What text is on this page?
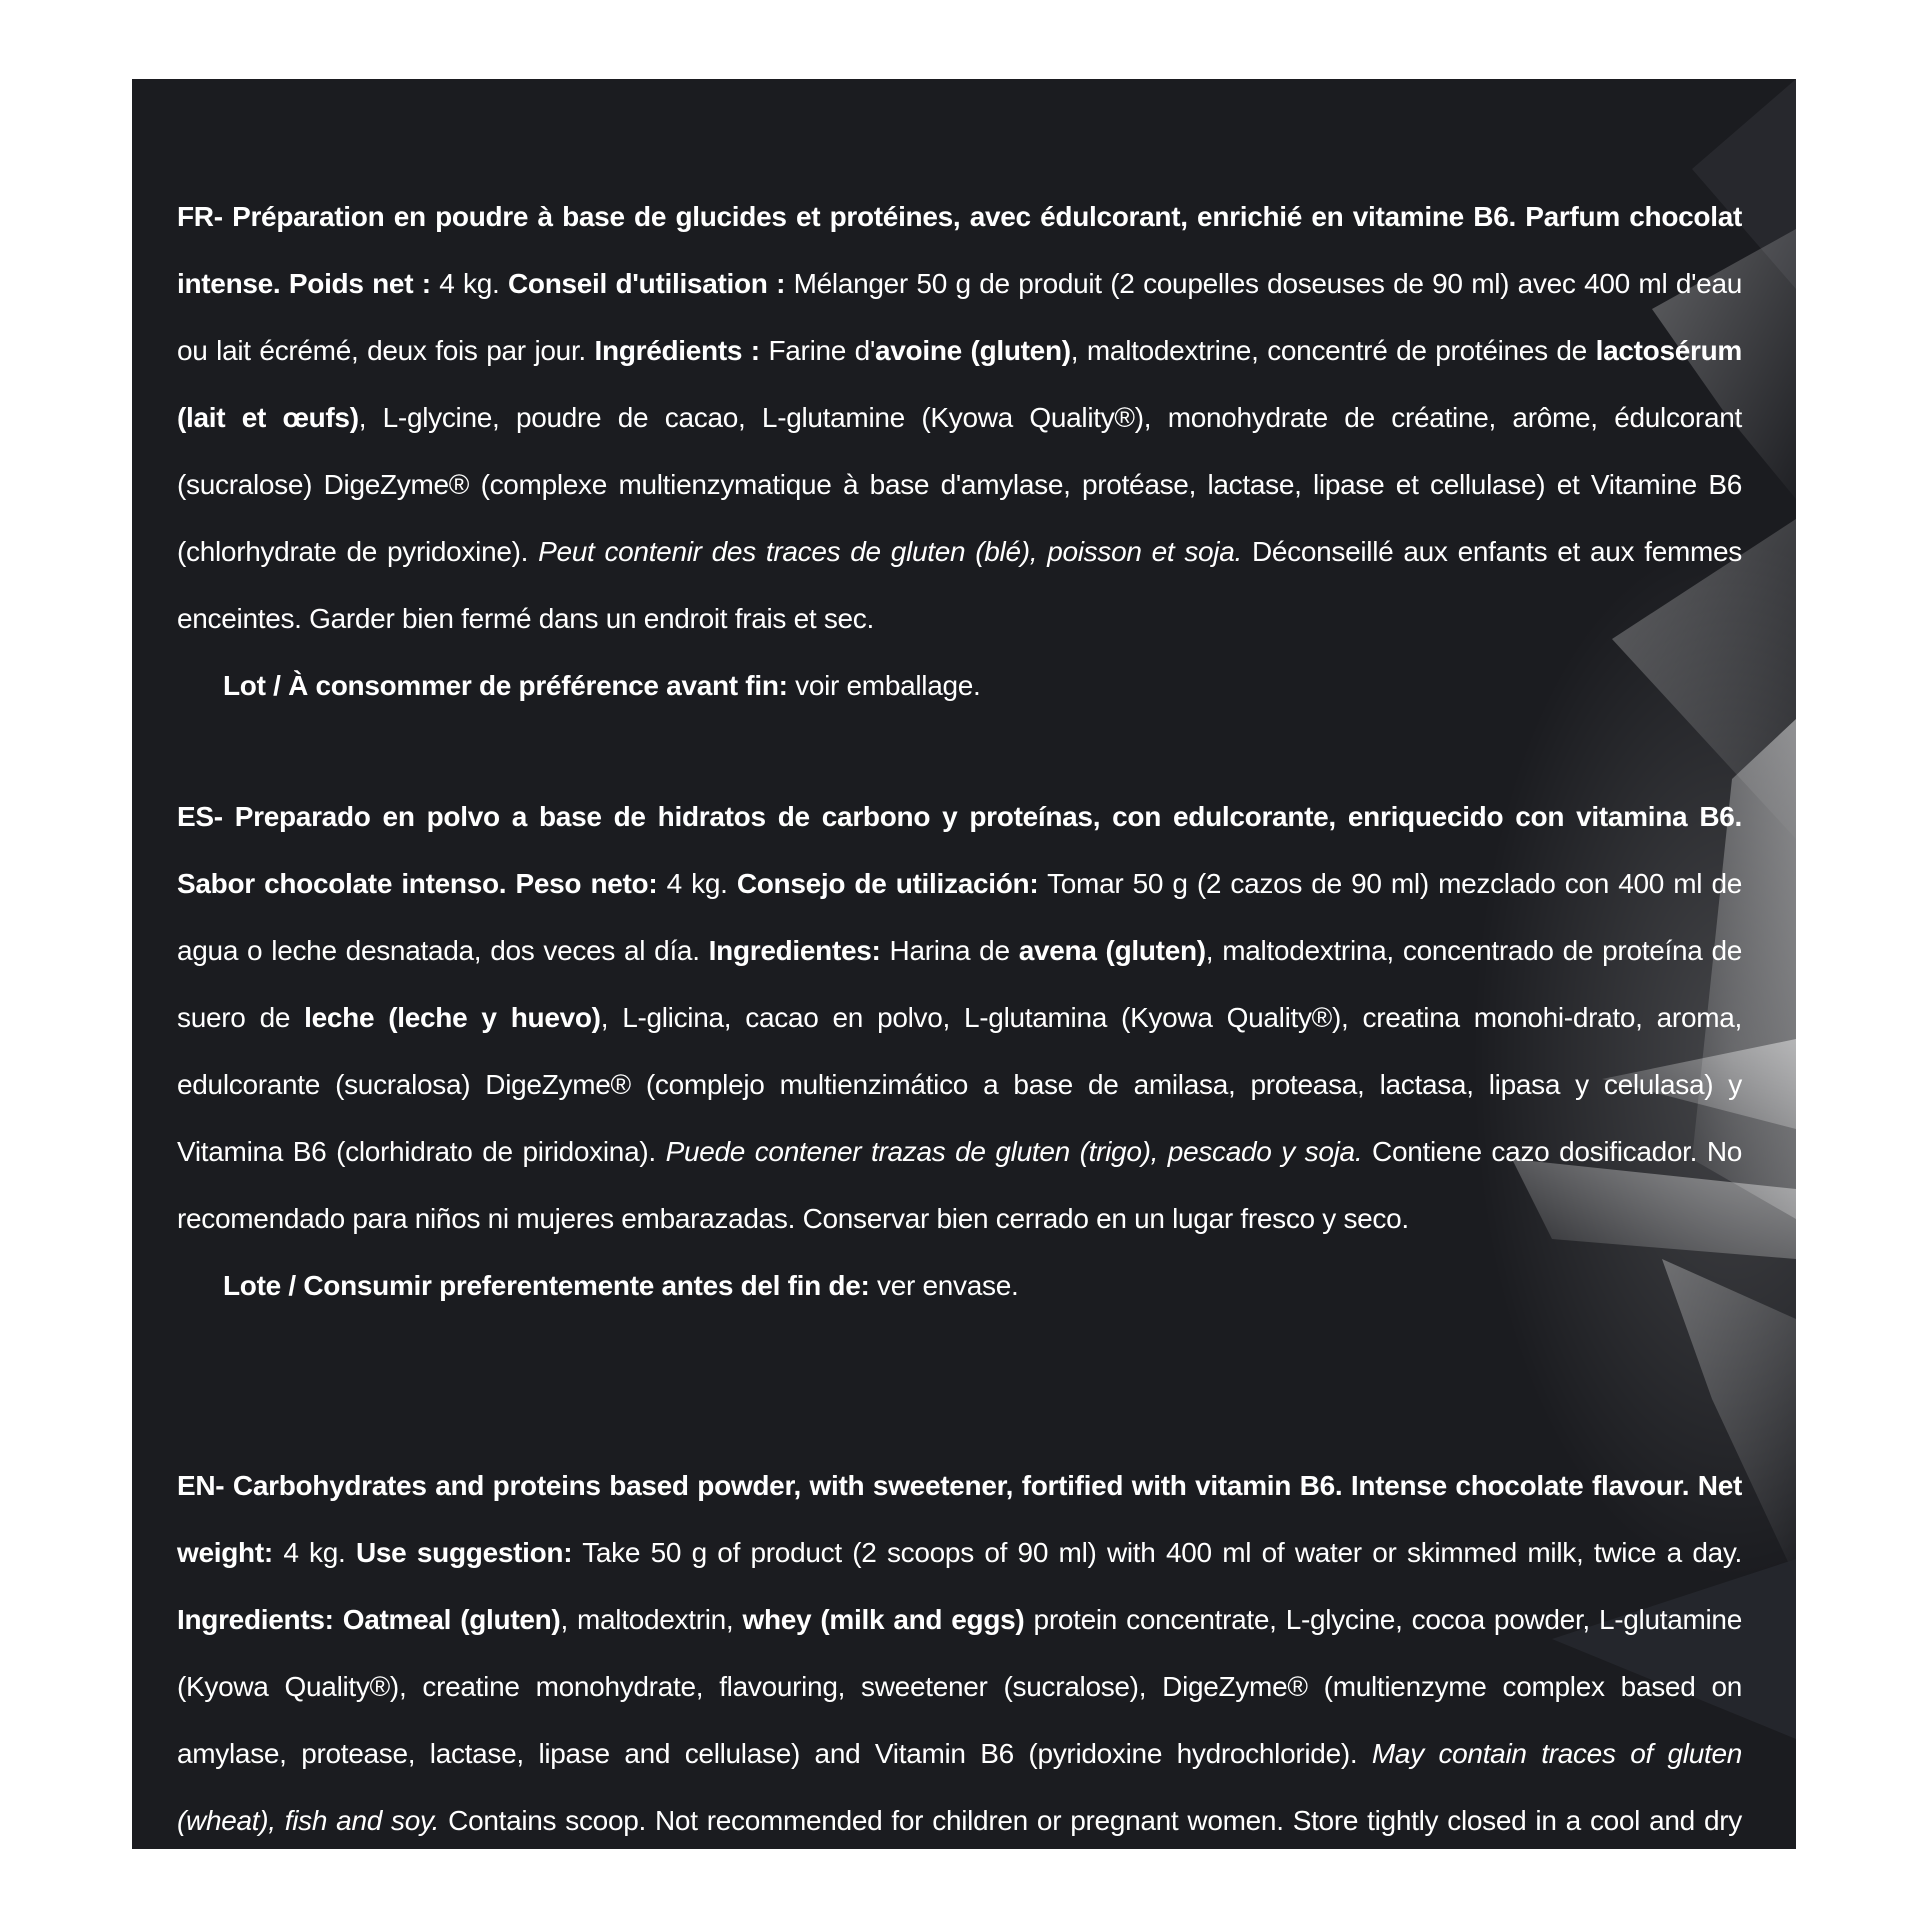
FR- Préparation en poudre à base de glucides et protéines, avec édulcorant, enrichié en vitamine B6. Parfum chocolat intense. Poids net : 4 kg. Conseil d'utilisation : Mélanger 50 g de produit (2 coupelles doseuses de 90 ml) avec 400 ml d'eau ou lait écrémé, deux fois par jour. Ingrédients : Farine d'avoine (gluten), maltodextrine, concentré de protéines de lactosérum (lait et œufs), L-glycine, poudre de cacao, L-glutamine (Kyowa Quality®), monohydrate de créatine, arôme, édulcorant (sucralose) DigeZyme® (complexe multienzymatique à base d'amylase, protéase, lactase, lipase et cellulase) et Vitamine B6 (chlorhydrate de pyridoxine). Peut contenir des traces de gluten (blé), poisson et soja. Déconseillé aux enfants et aux femmes enceintes. Garder bien fermé dans un endroit frais et sec.

Lot / À consommer de préférence avant fin: voir emballage.

ES- Preparado en polvo a base de hidratos de carbono y proteínas, con edulcorante, enriquecido con vitamina B6. Sabor chocolate intenso. Peso neto: 4 kg. Consejo de utilización: Tomar 50 g (2 cazos de 90 ml) mezclado con 400 ml de agua o leche desnatada, dos veces al día. Ingredientes: Harina de avena (gluten), maltodextrina, concentrado de proteína de suero de leche (leche y huevo), L-glicina, cacao en polvo, L-glutamina (Kyowa Quality®), creatina monohi-drato, aroma, edulcorante (sucralosa) DigeZyme® (complejo multienzimático a base de amilasa, proteasa, lactasa, lipasa y celulasa) y Vitamina B6 (clorhidrato de piridoxina). Puede contener trazas de gluten (trigo), pescado y soja. Contiene cazo dosificador. No recomendado para niños ni mujeres embarazadas. Conservar bien cerrado en un lugar fresco y seco.

Lote / Consumir preferentemente antes del fin de: ver envase.

EN- Carbohydrates and proteins based powder, with sweetener, fortified with vitamin B6. Intense chocolate flavour. Net weight: 4 kg. Use suggestion: Take 50 g of product (2 scoops of 90 ml) with 400 ml of water or skimmed milk, twice a day. Ingredients: Oatmeal (gluten), maltodextrin, whey (milk and eggs) protein concentrate, L-glycine, cocoa powder, L-glutamine (Kyowa Quality®), creatine monohydrate, flavouring, sweetener (sucralose), DigeZyme® (multienzyme complex based on amylase, protease, lactase, lipase and cellulase) and Vitamin B6 (pyridoxine hydrochloride). May contain traces of gluten (wheat), fish and soy. Contains scoop. Not recommended for children or pregnant women. Store tightly closed in a cool and dry place
